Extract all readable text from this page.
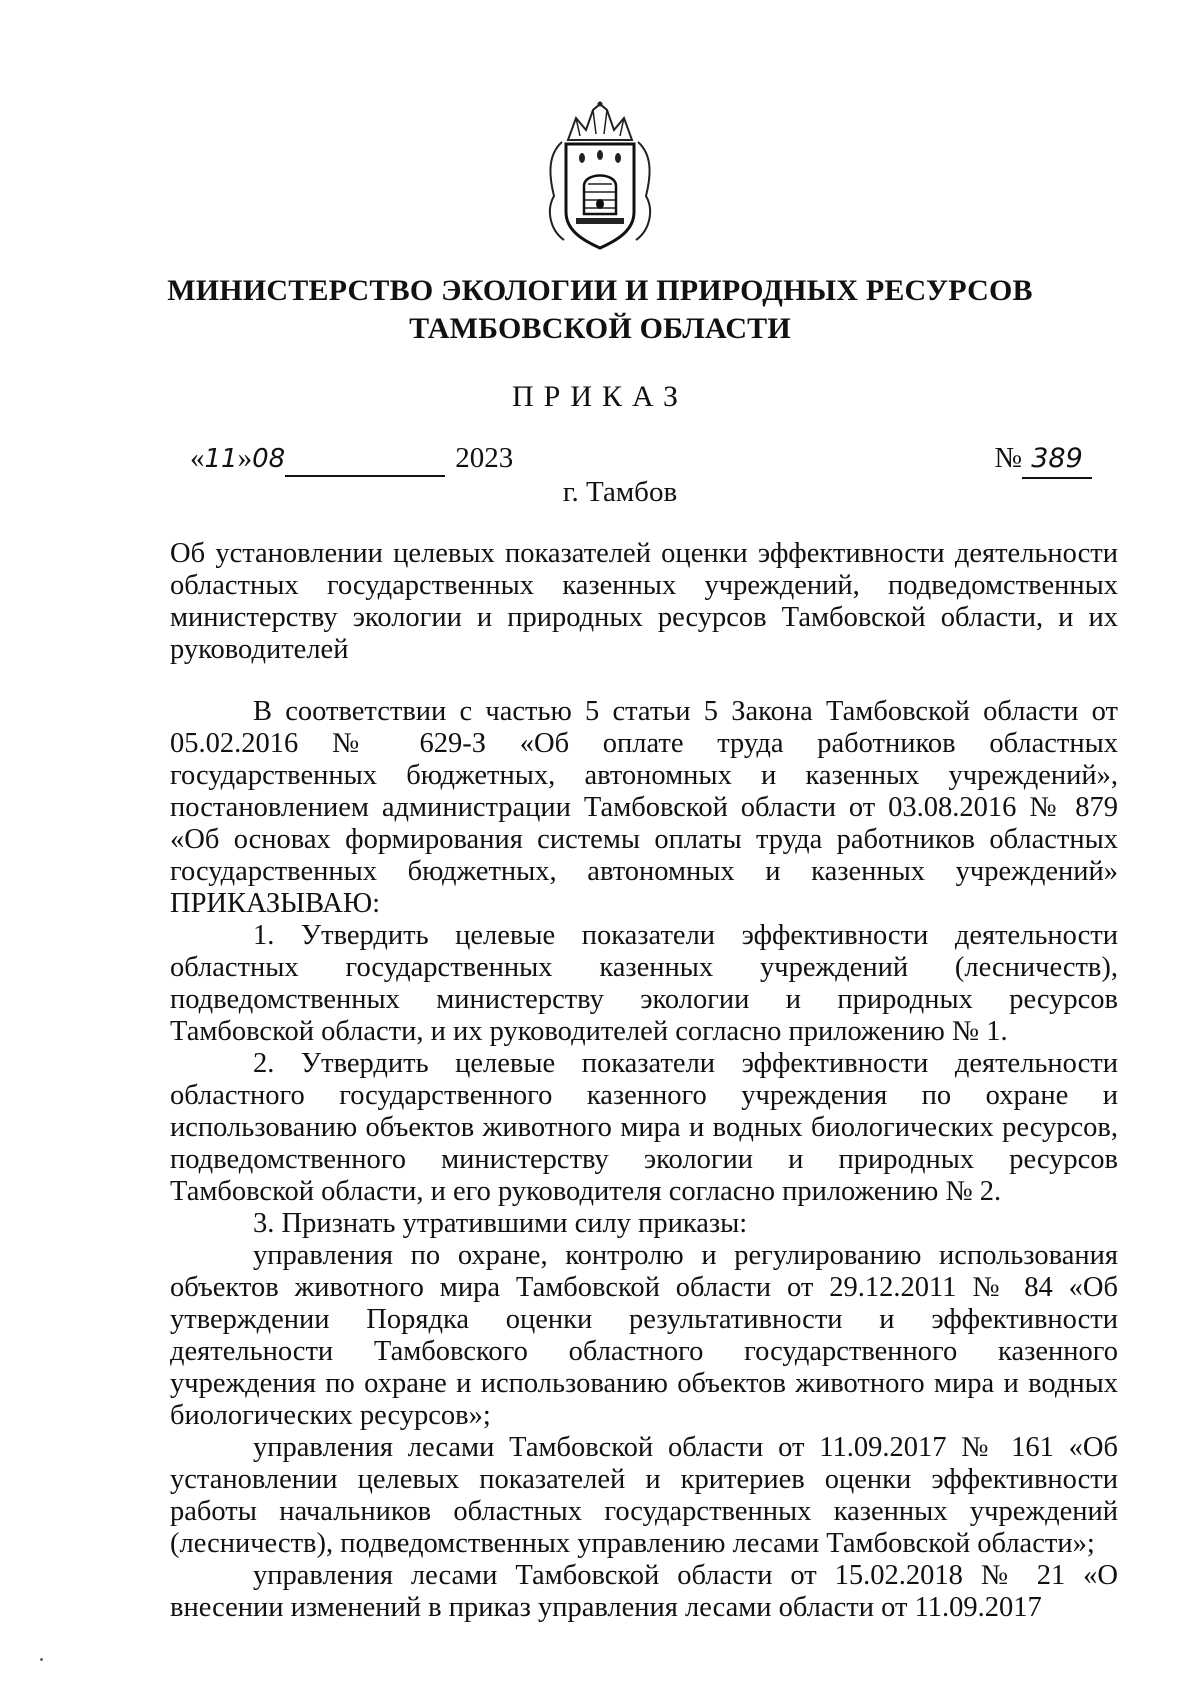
МИНИСТЕРСТВО ЭКОЛОГИИ И ПРИРОДНЫХ РЕСУРСОВ
ТАМБОВСКОЙ ОБЛАСТИ
ПРИКАЗ
«11»08	2023	№ 389
г. Тамбов

Об установлении целевых показателей оценки эффективности деятельности областных государственных казенных учреждений, подведомственных министерству экологии и природных ресурсов Тамбовской области, и их руководителей

В соответствии с частью 5 статьи 5 Закона Тамбовской области от 05.02.2016 № 629-З «Об оплате труда работников областных государственных бюджетных, автономных и казенных учреждений», постановлением администрации Тамбовской области от 03.08.2016 № 879 «Об основах формирования системы оплаты труда работников областных государственных бюджетных, автономных и казенных учреждений» ПРИКАЗЫВАЮ:

1. Утвердить целевые показатели эффективности деятельности областных государственных казенных учреждений (лесничеств), подведомственных министерству экологии и природных ресурсов Тамбовской области, и их руководителей согласно приложению № 1.

2. Утвердить целевые показатели эффективности деятельности областного государственного казенного учреждения по охране и использованию объектов животного мира и водных биологических ресурсов, подведомственного министерству экологии и природных ресурсов Тамбовской области, и его руководителя согласно приложению № 2.

3. Признать утратившими силу приказы:

управления по охране, контролю и регулированию использования объектов животного мира Тамбовской области от 29.12.2011 № 84 «Об утверждении Порядка оценки результативности и эффективности деятельности Тамбовского областного государственного казенного учреждения по охране и использованию объектов животного мира и водных биологических ресурсов»;

управления лесами Тамбовской области от 11.09.2017 № 161 «Об установлении целевых показателей и критериев оценки эффективности работы начальников областных государственных казенных учреждений (лесничеств), подведомственных управлению лесами Тамбовской области»;

управления лесами Тамбовской области от 15.02.2018 № 21 «О внесении изменений в приказ управления лесами области от 11.09.2017
